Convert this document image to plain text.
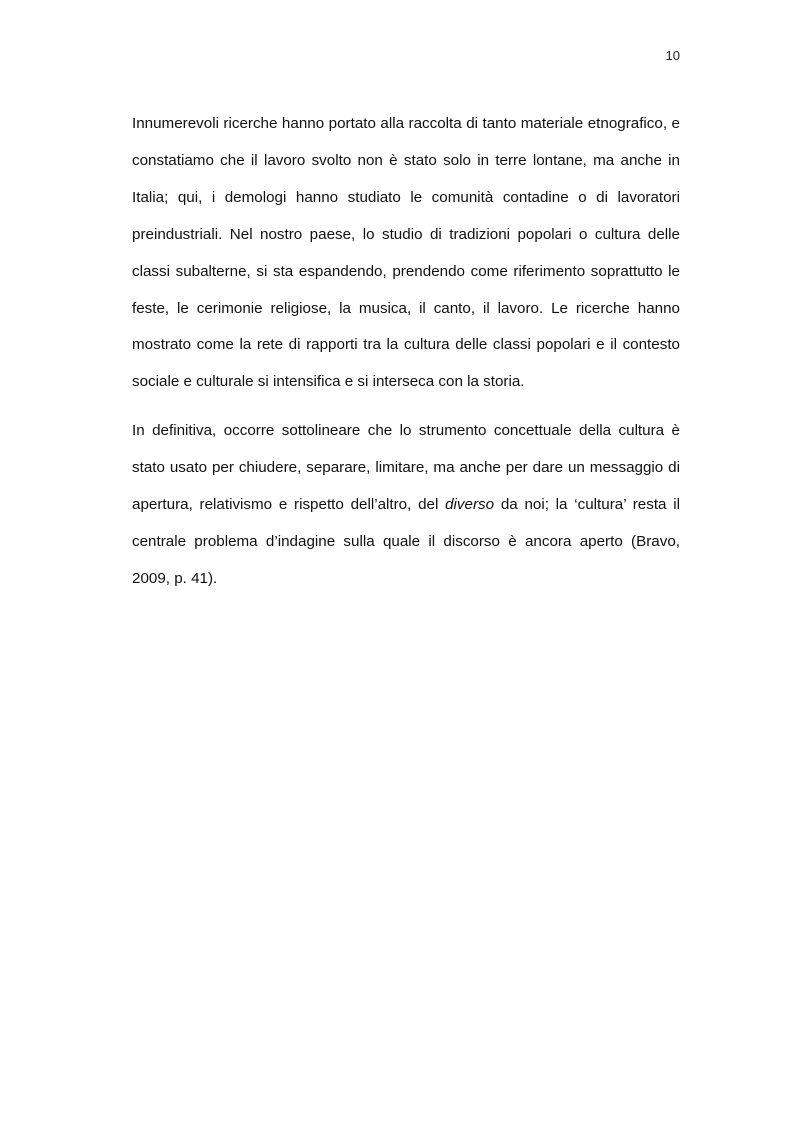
10

Innumerevoli ricerche hanno portato alla raccolta di tanto materiale etnografico, e constatiamo che il lavoro svolto non è stato solo in terre lontane, ma anche in Italia; qui, i demologi hanno studiato le comunità contadine o di lavoratori preindustriali. Nel nostro paese, lo studio di tradizioni popolari o cultura delle classi subalterne, si sta espandendo, prendendo come riferimento soprattutto le feste, le cerimonie religiose, la musica, il canto, il lavoro. Le ricerche hanno mostrato come la rete di rapporti tra la cultura delle classi popolari e il contesto sociale e culturale si intensifica e si interseca con la storia.

In definitiva, occorre sottolineare che lo strumento concettuale della cultura è stato usato per chiudere, separare, limitare, ma anche per dare un messaggio di apertura, relativismo e rispetto dell’altro, del diverso da noi; la ‘cultura’ resta il centrale problema d’indagine sulla quale il discorso è ancora aperto (Bravo, 2009, p. 41).
